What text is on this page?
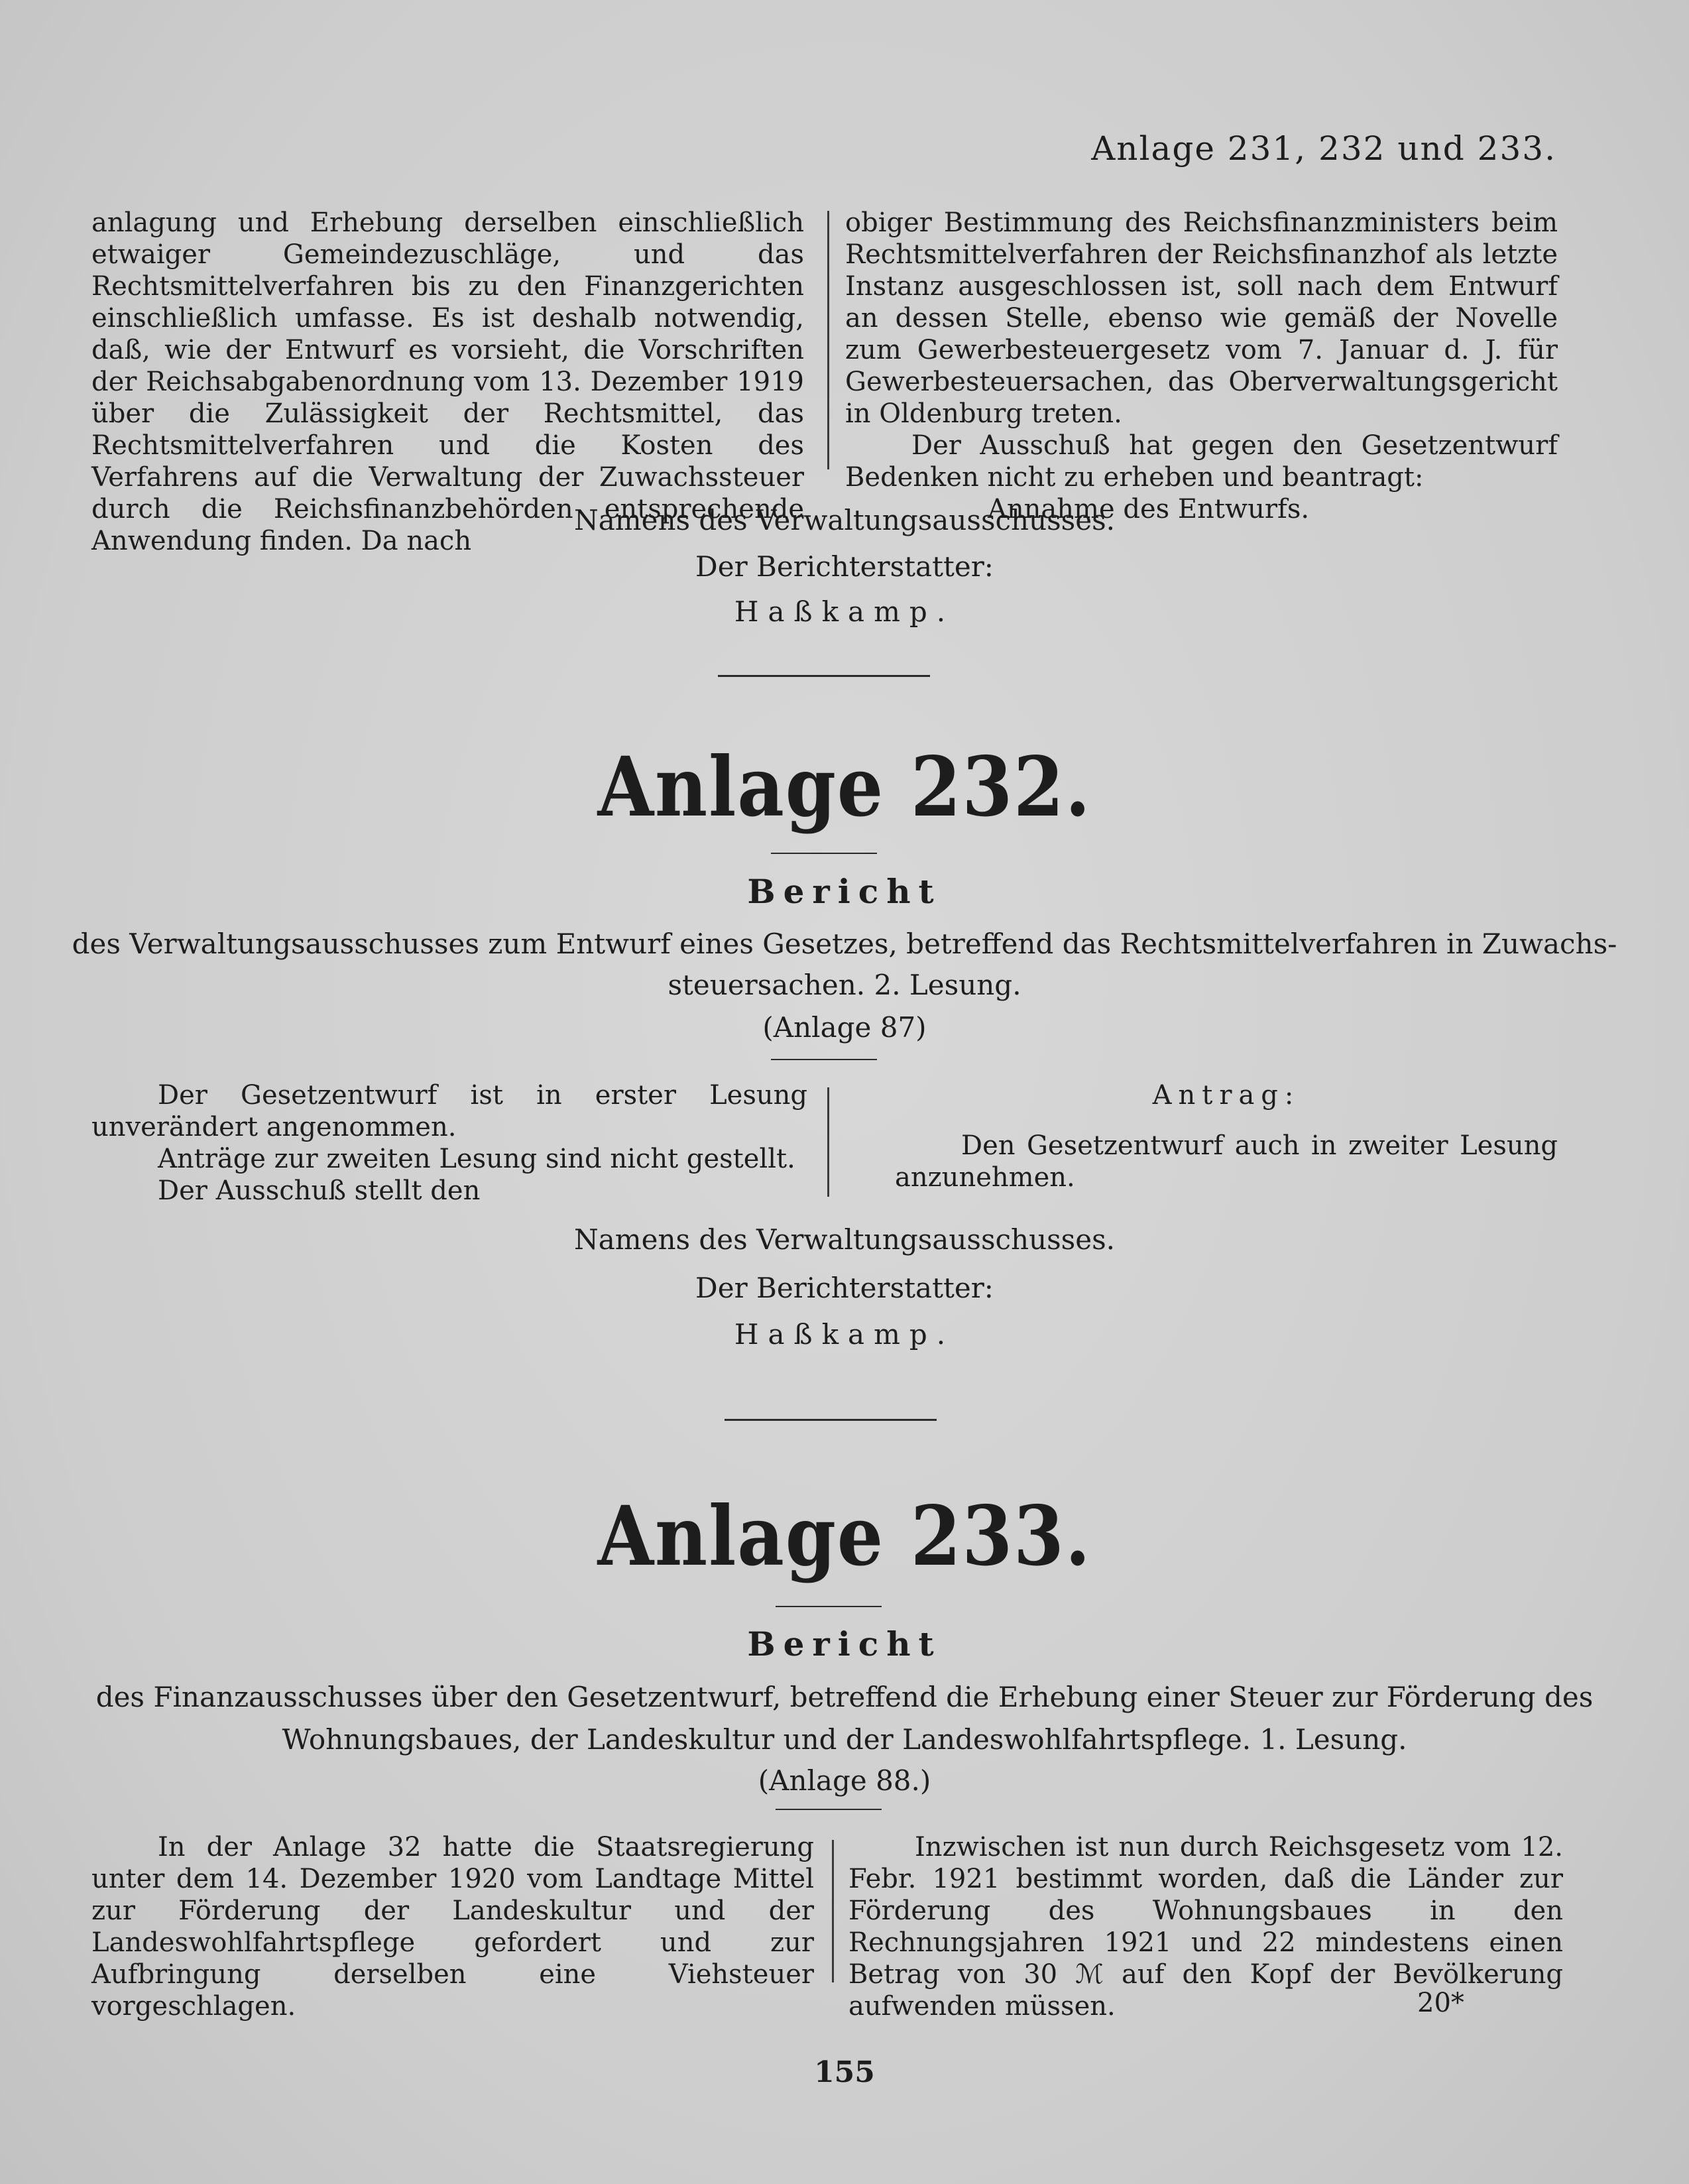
Anlage 231, 232 und 233.

anlagung und Erhebung derselben einschließlich etwaiger Gemeindezuschläge, und das Rechtsmittelverfahren bis zu den Finanzgerichten einschließlich umfasse. Es ist deshalb notwendig, daß, wie der Entwurf es vorsieht, die Vorschriften der Reichsabgabenordnung vom 13. Dezember 1919 über die Zulässigkeit der Rechtsmittel, das Rechtsmittelverfahren und die Kosten des Verfahrens auf die Verwaltung der Zuwachssteuer durch die Reichsfinanzbehörden entsprechende Anwendung finden. Da nach

obiger Bestimmung des Reichsfinanzministers beim Rechtsmittelverfahren der Reichsfinanzhof als letzte Instanz ausgeschlossen ist, soll nach dem Entwurf an dessen Stelle, ebenso wie gemäß der Novelle zum Gewerbesteuergesetz vom 7. Januar d. J. für Gewerbesteuersachen, das Oberverwaltungsgericht in Oldenburg treten.

Der Ausschuß hat gegen den Gesetzentwurf Bedenken nicht zu erheben und beantragt:

Annahme des Entwurfs.

Namens des Verwaltungsausschusses.
Der Berichterstatter:
Haßkamp.
Anlage 232.
Bericht
des Verwaltungsausschusses zum Entwurf eines Gesetzes, betreffend das Rechtsmittelverfahren in Zuwachs-
steuersachen. 2. Lesung.
(Anlage 87)

Der Gesetzentwurf ist in erster Lesung unverändert angenommen.

Anträge zur zweiten Lesung sind nicht gestellt.

Der Ausschuß stellt den

Antrag:

Den Gesetzentwurf auch in zweiter Lesung anzunehmen.

Namens des Verwaltungsausschusses.
Der Berichterstatter:
Haßkamp.
Anlage 233.
Bericht
des Finanzausschusses über den Gesetzentwurf, betreffend die Erhebung einer Steuer zur Förderung des
Wohnungsbaues, der Landeskultur und der Landeswohlfahrtspflege. 1. Lesung.
(Anlage 88.)

In der Anlage 32 hatte die Staatsregierung unter dem 14. Dezember 1920 vom Landtage Mittel zur Förderung der Landeskultur und der Landeswohlfahrtspflege gefordert und zur Aufbringung derselben eine Viehsteuer vorgeschlagen.

Inzwischen ist nun durch Reichsgesetz vom 12. Febr. 1921 bestimmt worden, daß die Länder zur Förderung des Wohnungsbaues in den Rechnungsjahren 1921 und 22 mindestens einen Betrag von 30 ℳ auf den Kopf der Bevölkerung aufwenden müssen.	20*
155
